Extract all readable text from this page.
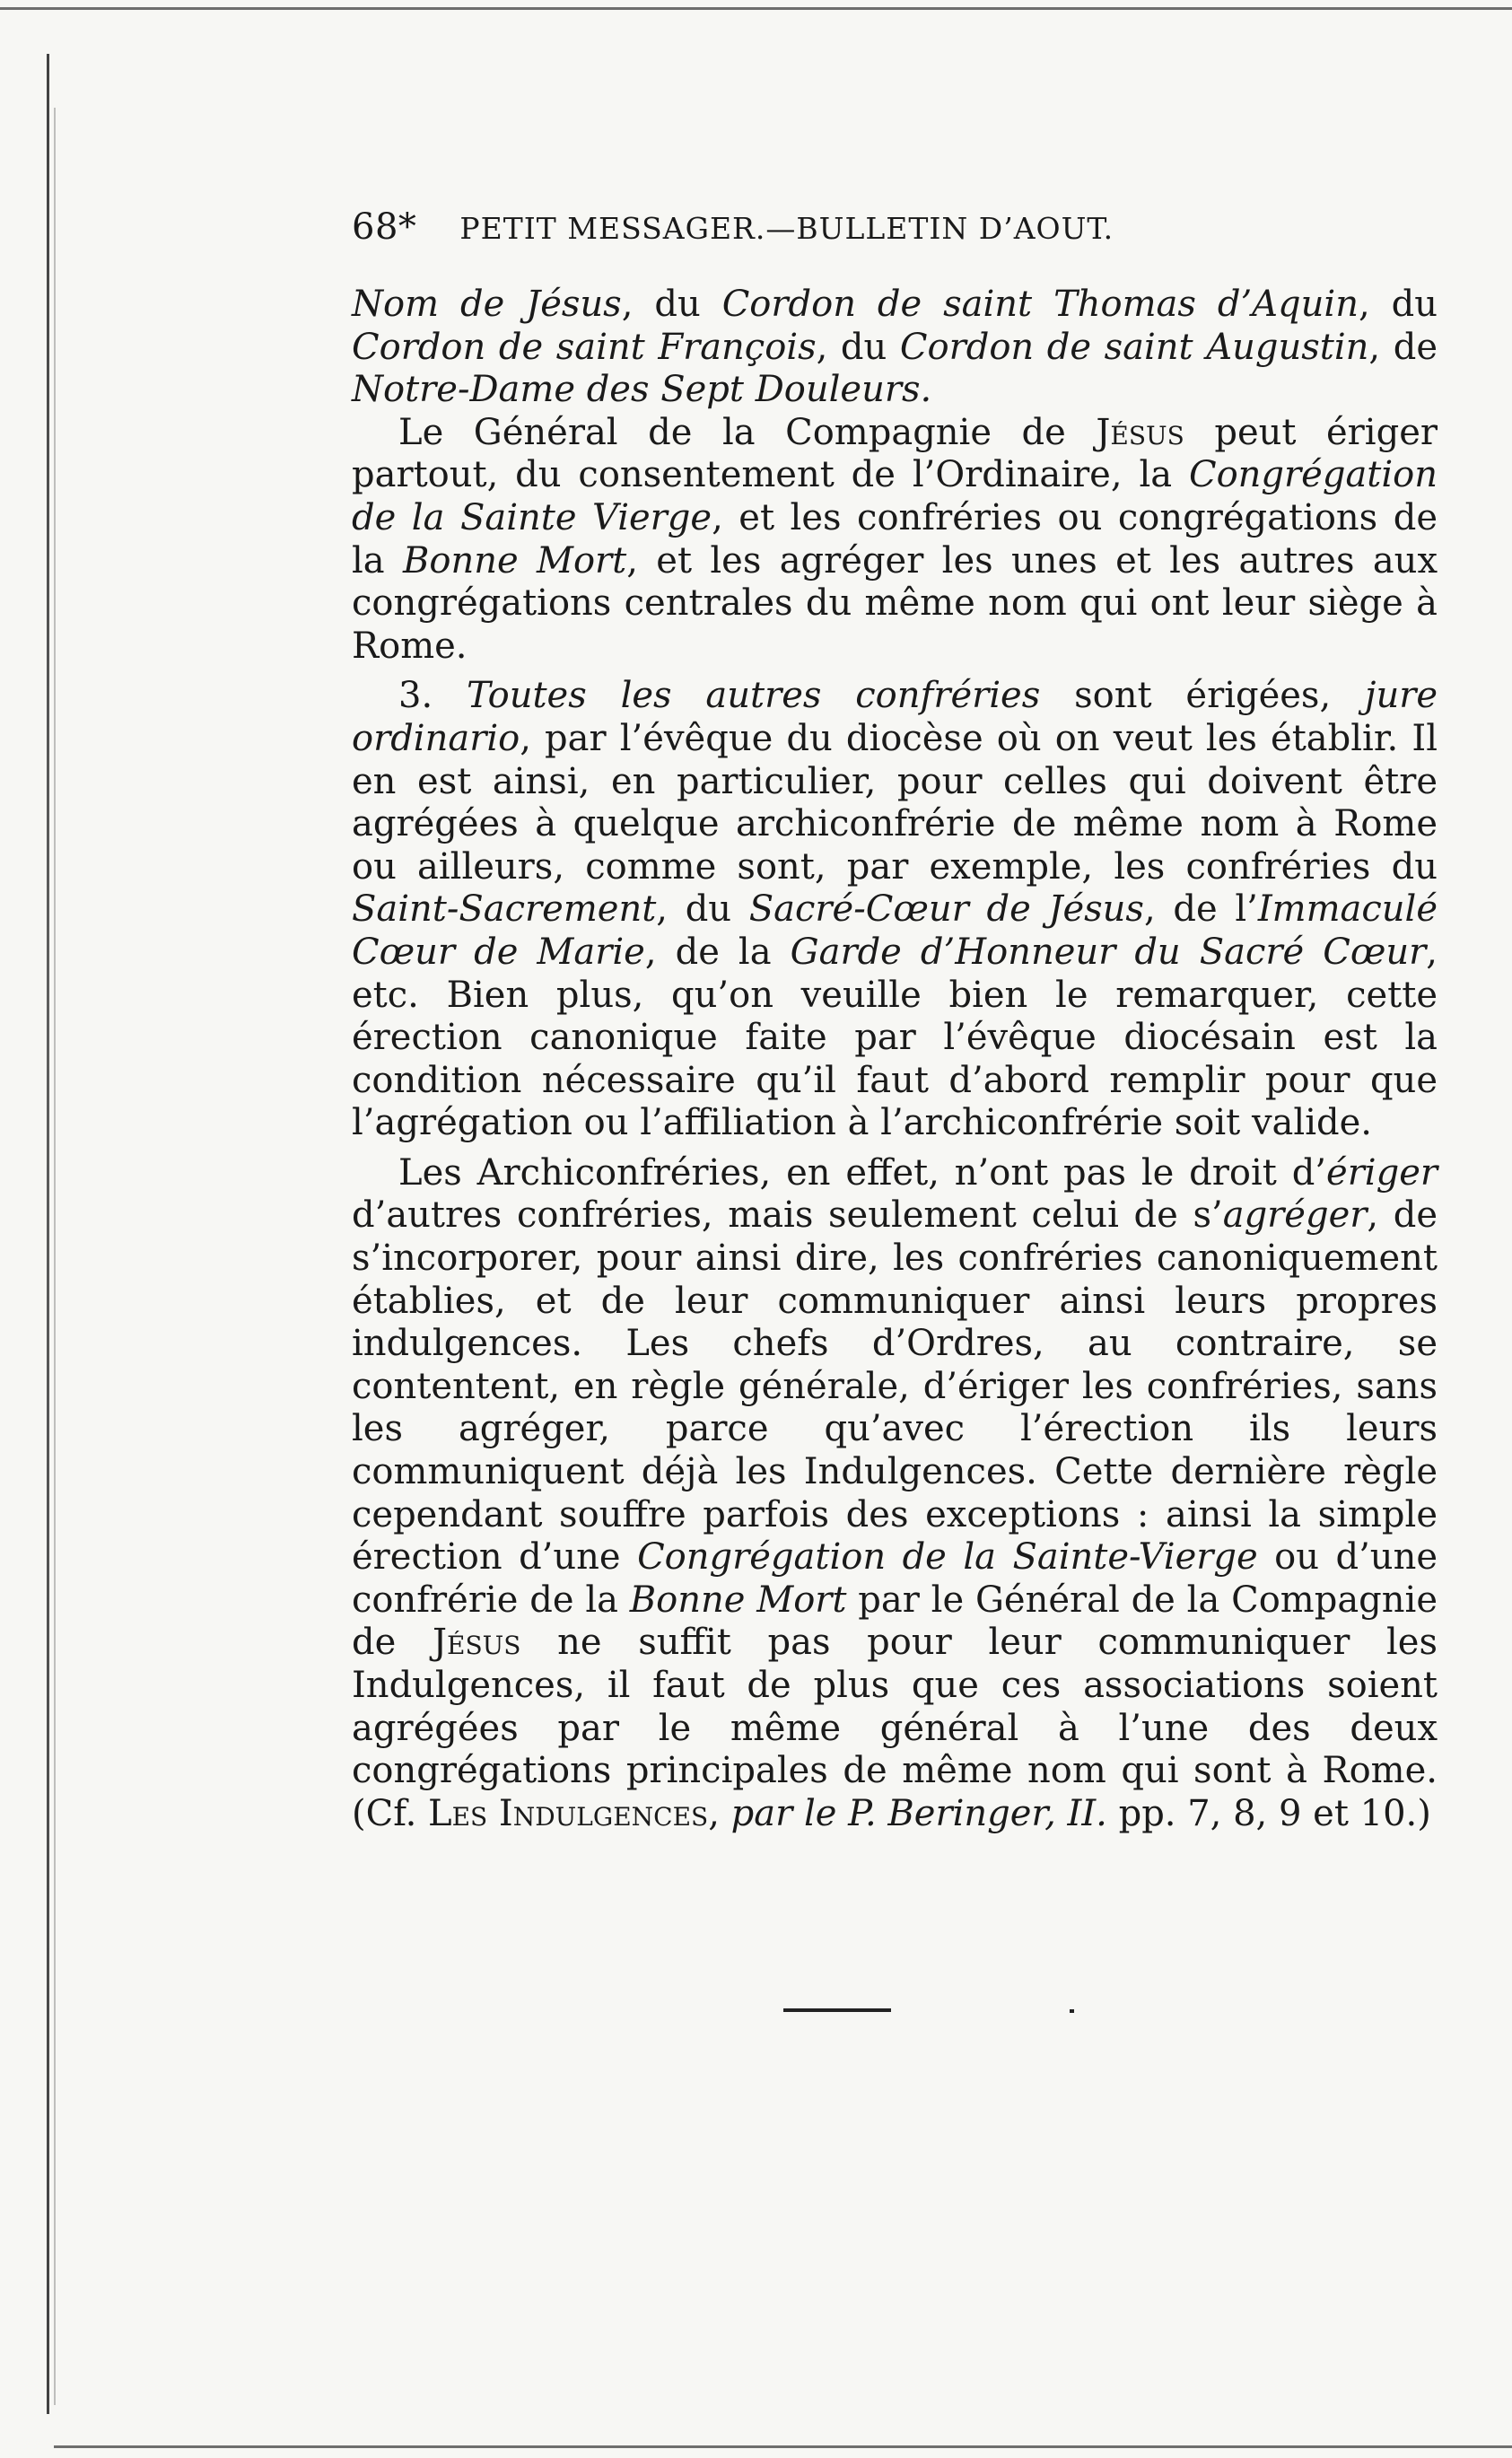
68* PETIT MESSAGER.—BULLETIN D’AOUT.

Nom de Jésus, du Cordon de saint Thomas d’Aquin, du Cordon de saint François, du Cordon de saint Augustin, de Notre-Dame des Sept Douleurs.

Le Général de la Compagnie de Jésus peut ériger partout, du consentement de l’Ordinaire, la Congrégation de la Sainte Vierge, et les confréries ou congrégations de la Bonne Mort, et les agréger les unes et les autres aux congrégations centrales du même nom qui ont leur siège à Rome.

3. Toutes les autres confréries sont érigées, jure ordinario, par l’évêque du diocèse où on veut les établir. Il en est ainsi, en particulier, pour celles qui doivent être agrégées à quelque archiconfrérie de même nom à Rome ou ailleurs, comme sont, par exemple, les confréries du Saint-Sacrement, du Sacré-Cœur de Jésus, de l’Immaculé Cœur de Marie, de la Garde d’Honneur du Sacré Cœur, etc. Bien plus, qu’on veuille bien le remarquer, cette érection canonique faite par l’évêque diocésain est la condition nécessaire qu’il faut d’abord remplir pour que l’agrégation ou l’affiliation à l’archiconfrérie soit valide.

Les Archiconfréries, en effet, n’ont pas le droit d’ériger d’autres confréries, mais seulement celui de s’agréger, de s’incorporer, pour ainsi dire, les confréries canoniquement établies, et de leur communiquer ainsi leurs propres indulgences. Les chefs d’Ordres, au contraire, se contentent, en règle générale, d’ériger les confréries, sans les agréger, parce qu’avec l’érection ils leurs communiquent déjà les Indulgences. Cette dernière règle cependant souffre parfois des exceptions : ainsi la simple érection d’une Congrégation de la Sainte-Vierge ou d’une confrérie de la Bonne Mort par le Général de la Compagnie de Jésus ne suffit pas pour leur communiquer les Indulgences, il faut de plus que ces associations soient agrégées par le même général à l’une des deux congrégations principales de même nom qui sont à Rome. (Cf. Les Indulgences, par le P. Beringer, II. pp. 7, 8, 9 et 10.)
